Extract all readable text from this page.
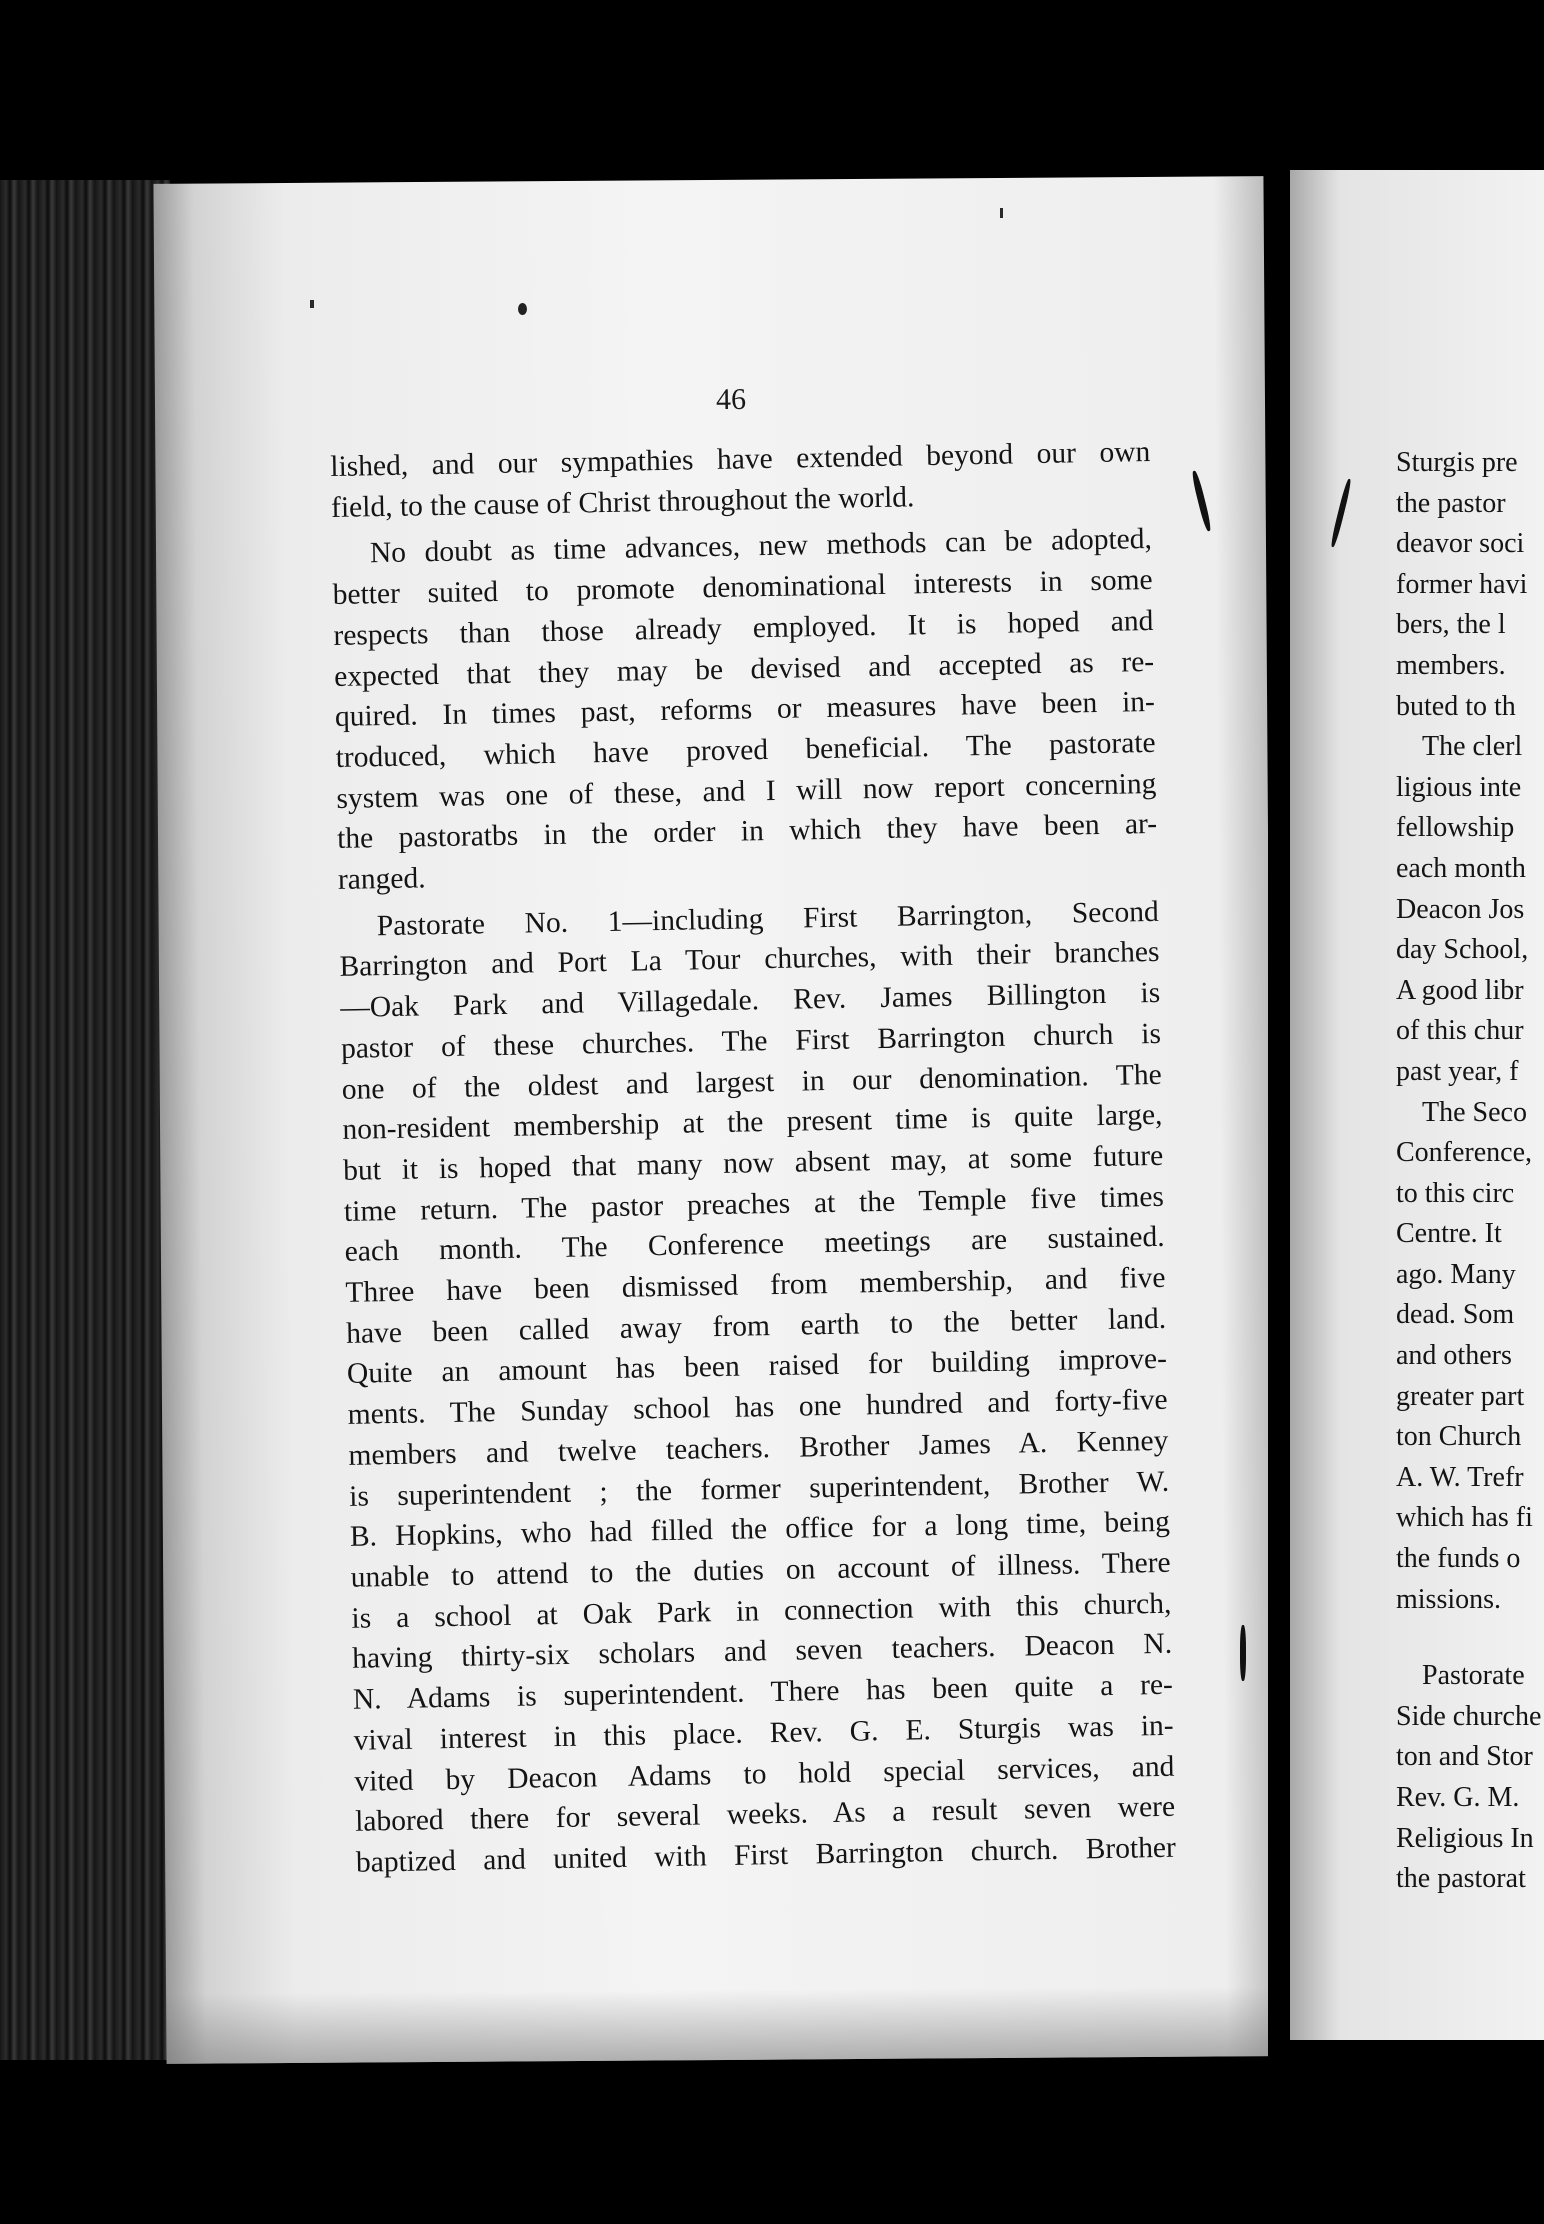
46

lished, and our sympathies have extended beyond our own
field, to the cause of Christ throughout the world.

No doubt as time advances, new methods can be adopted,
better suited to promote denominational interests in some
respects than those already employed. It is hoped and
expected that they may be devised and accepted as re-
quired. In times past, reforms or measures have been in-
troduced, which have proved beneficial. The pastorate
system was one of these, and I will now report concerning
the pastoratbs in the order in which they have been ar-
ranged.

Pastorate No. 1—including First Barrington, Second
Barrington and Port La Tour churches, with their branches
—Oak Park and Villagedale. Rev. James Billington is
pastor of these churches. The First Barrington church is
one of the oldest and largest in our denomination. The
non-resident membership at the present time is quite large,
but it is hoped that many now absent may, at some future
time return. The pastor preaches at the Temple five times
each month. The Conference meetings are sustained.
Three have been dismissed from membership, and five
have been called away from earth to the better land.
Quite an amount has been raised for building improve-
ments. The Sunday school has one hundred and forty-five
members and twelve teachers. Brother James A. Kenney
is superintendent ; the former superintendent, Brother W.
B. Hopkins, who had filled the office for a long time, being
unable to attend to the duties on account of illness. There
is a school at Oak Park in connection with this church,
having thirty-six scholars and seven teachers. Deacon N.
N. Adams is superintendent. There has been quite a re-
vival interest in this place. Rev. G. E. Sturgis was in-
vited by Deacon Adams to hold special services, and
labored there for several weeks. As a result seven were
baptized and united with First Barrington church. Brother

Sturgis pre
the pastor
deavor soci
former havi
bers, the l
members.
buted to th
The clerl
ligious inte
fellowship
each month
Deacon Jos
day School,
A good libr
of this chur
past year, f
The Seco
Conference,
to this circ
Centre. It
ago. Many
dead. Som
and others
greater part
ton Church
A. W. Trefr
which has fi
the funds o
missions.
Pastorate
Side churche
ton and Stor
Rev. G. M.
Religious In
the pastorat
